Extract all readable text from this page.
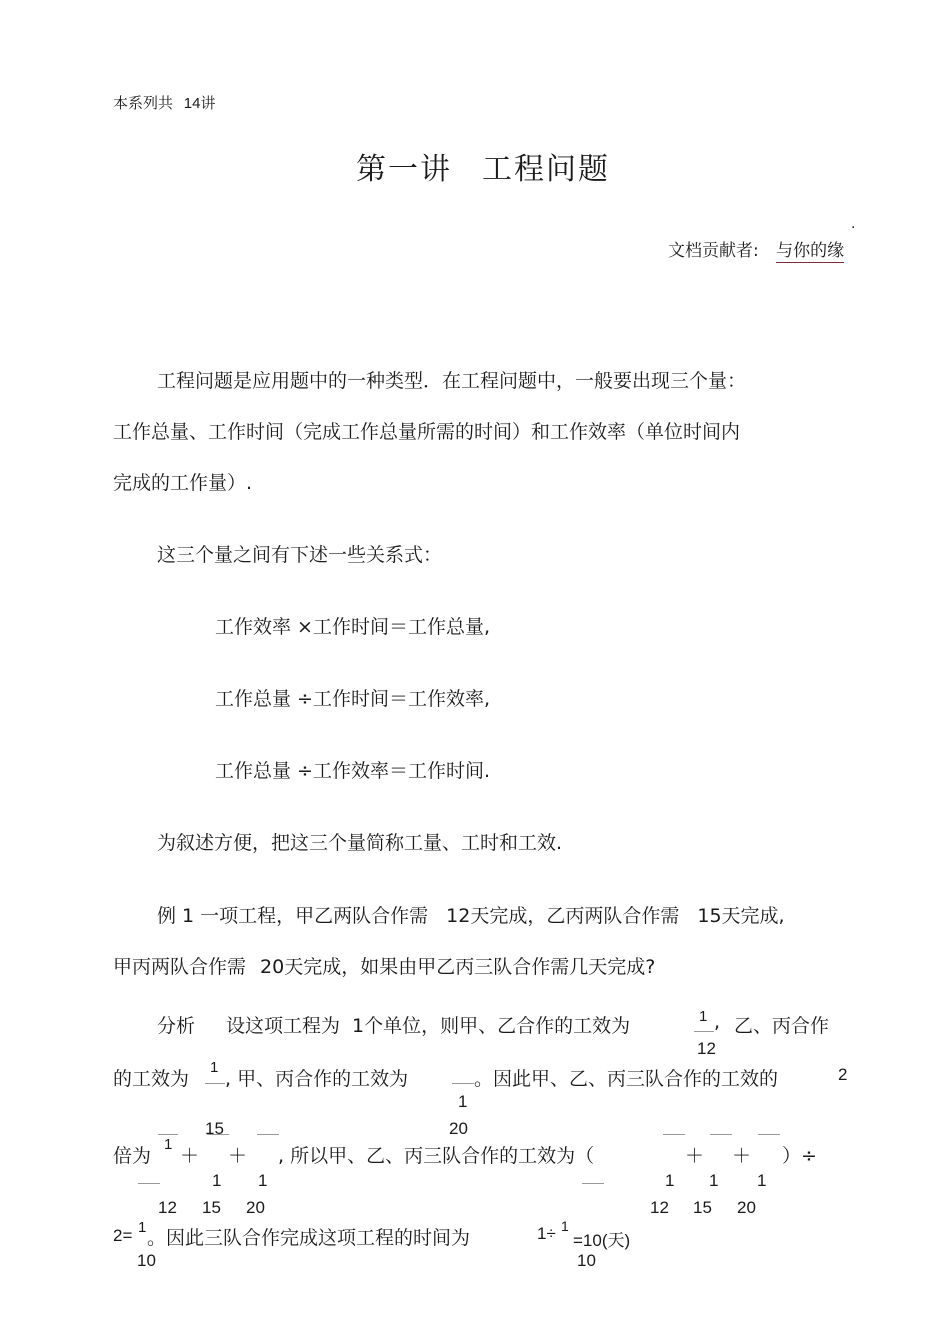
本系列共 14讲
第一讲 工程问题
.
文档贡献者: 与你的缘
工程问题是应用题中的一种类型．在工程问题中，一般要出现三个量：
工作总量、工作时间（完成工作总量所需的时间）和工作效率（单位时间内
完成的工作量）.
这三个量之间有下述一些关系式：
工作效率 ×工作时间＝工作总量,
工作总量 ÷工作时间＝工作效率,
工作总量 ÷工作效率＝工作时间.
为叙述方便，把这三个量简称工量、工时和工效.
例 1 一项工程，甲乙两队合作需 12天完成，乙丙两队合作需 15天完成,
甲丙两队合作需 20天完成，如果由甲乙丙三队合作需几天完成?
分析 设这项工程为 1个单位，则甲、乙合作的工效为	1 , 乙、丙合作
12
的工效为
1
, 甲、丙合作的工效为	。因此甲、乙、丙三队合作的工效的	2
1
15	20
倍为
1
＋ ＋ , 所以甲、乙、丙三队合作的工效为（	＋ ＋ ）÷
1 1	1 1 1
12 15 20	12 15 20
2= 1 。因此三队合作完成这项工程的时间为	1÷ 1
=10(天)
10	10
